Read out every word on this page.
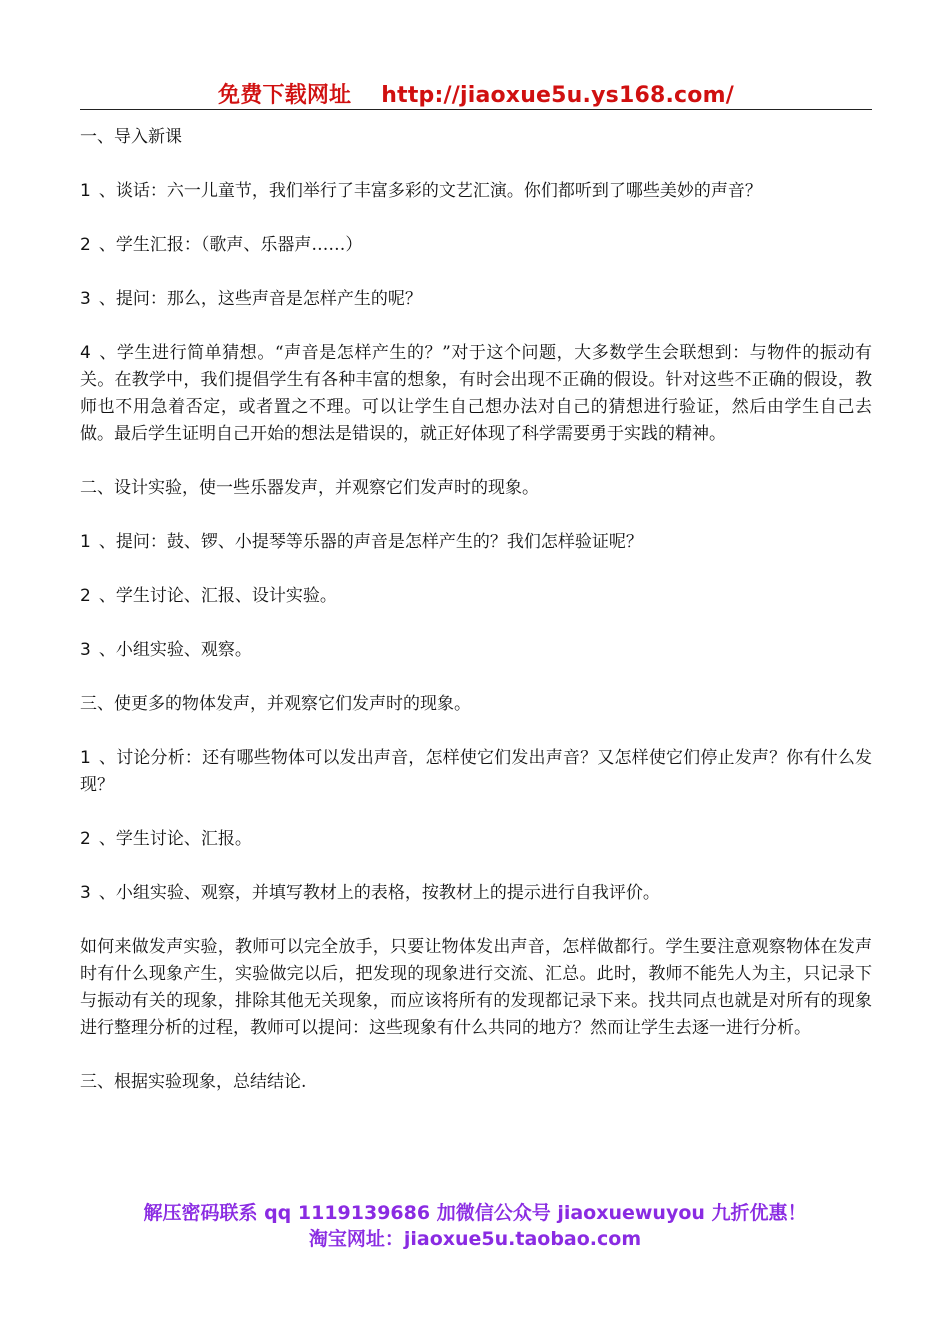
免费下载网址 http://jiaoxue5u.ys168.com/

一、导入新课

1 、谈话：六一儿童节，我们举行了丰富多彩的文艺汇演。你们都听到了哪些美妙的声音？

2 、学生汇报：（歌声、乐器声……）

3 、提问：那么，这些声音是怎样产生的呢？

4 、学生进行简单猜想。“声音是怎样产生的？”对于这个问题，大多数学生会联想到：与物件的振动有关。在教学中，我们提倡学生有各种丰富的想象，有时会出现不正确的假设。针对这些不正确的假设，教师也不用急着否定，或者置之不理。可以让学生自己想办法对自己的猜想进行验证，然后由学生自己去做。最后学生证明自己开始的想法是错误的，就正好体现了科学需要勇于实践的精神。

二、设计实验，使一些乐器发声，并观察它们发声时的现象。

1 、提问：鼓、锣、小提琴等乐器的声音是怎样产生的？我们怎样验证呢？

2 、学生讨论、汇报、设计实验。

3 、小组实验、观察。

三、使更多的物体发声，并观察它们发声时的现象。

1 、讨论分析：还有哪些物体可以发出声音，怎样使它们发出声音？又怎样使它们停止发声？你有什么发现？

2 、学生讨论、汇报。

3 、小组实验、观察，并填写教材上的表格，按教材上的提示进行自我评价。

如何来做发声实验，教师可以完全放手，只要让物体发出声音，怎样做都行。学生要注意观察物体在发声时有什么现象产生，实验做完以后，把发现的现象进行交流、汇总。此时，教师不能先人为主，只记录下与振动有关的现象，排除其他无关现象，而应该将所有的发现都记录下来。找共同点也就是对所有的现象进行整理分析的过程，教师可以提问：这些现象有什么共同的地方？然而让学生去逐一进行分析。

三、根据实验现象，总结结论.

解压密码联系 qq 1119139686 加微信公众号 jiaoxuewuyou 九折优惠！
淘宝网址：jiaoxue5u.taobao.com
